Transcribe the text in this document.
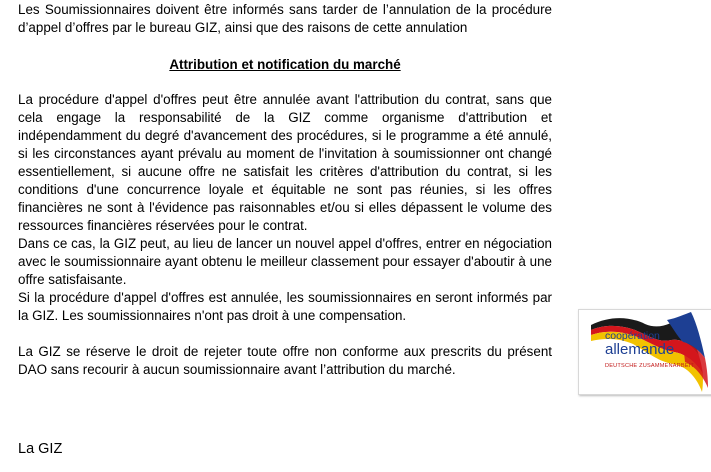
Les Soumissionnaires doivent être informés sans tarder de l’annulation de la procédure d’appel d’offres par le bureau GIZ, ainsi que des raisons de cette annulation

Attribution et notification du marché

La procédure d'appel d'offres peut être annulée avant l'attribution du contrat, sans que cela engage la responsabilité de la GIZ comme organisme d'attribution et indépendamment du degré d'avancement des procédures, si le programme a été annulé, si les circonstances ayant prévalu au moment de l'invitation à soumissionner ont changé essentiellement, si aucune offre ne satisfait les critères d'attribution du contrat, si les conditions d'une concurrence loyale et équitable ne sont pas réunies, si les offres financières ne sont à l'évidence pas raisonnables et/ou si elles dépassent le volume des ressources financières réservées pour le contrat.

Dans ce cas, la GIZ peut, au lieu de lancer un nouvel appel d'offres, entrer en négociation avec le soumissionnaire ayant obtenu le meilleur classement pour essayer d'aboutir à une offre satisfaisante.

Si la procédure d'appel d'offres est annulée, les soumissionnaires en seront informés par la GIZ. Les soumissionnaires n'ont pas droit à une compensation.

La GIZ se réserve le droit de rejeter toute offre non conforme aux prescrits du présent DAO sans recourir à aucun soumissionnaire avant l’attribution du marché.

La GIZ
coopération
allemande
DEUTSCHE ZUSAMMENARBEIT
